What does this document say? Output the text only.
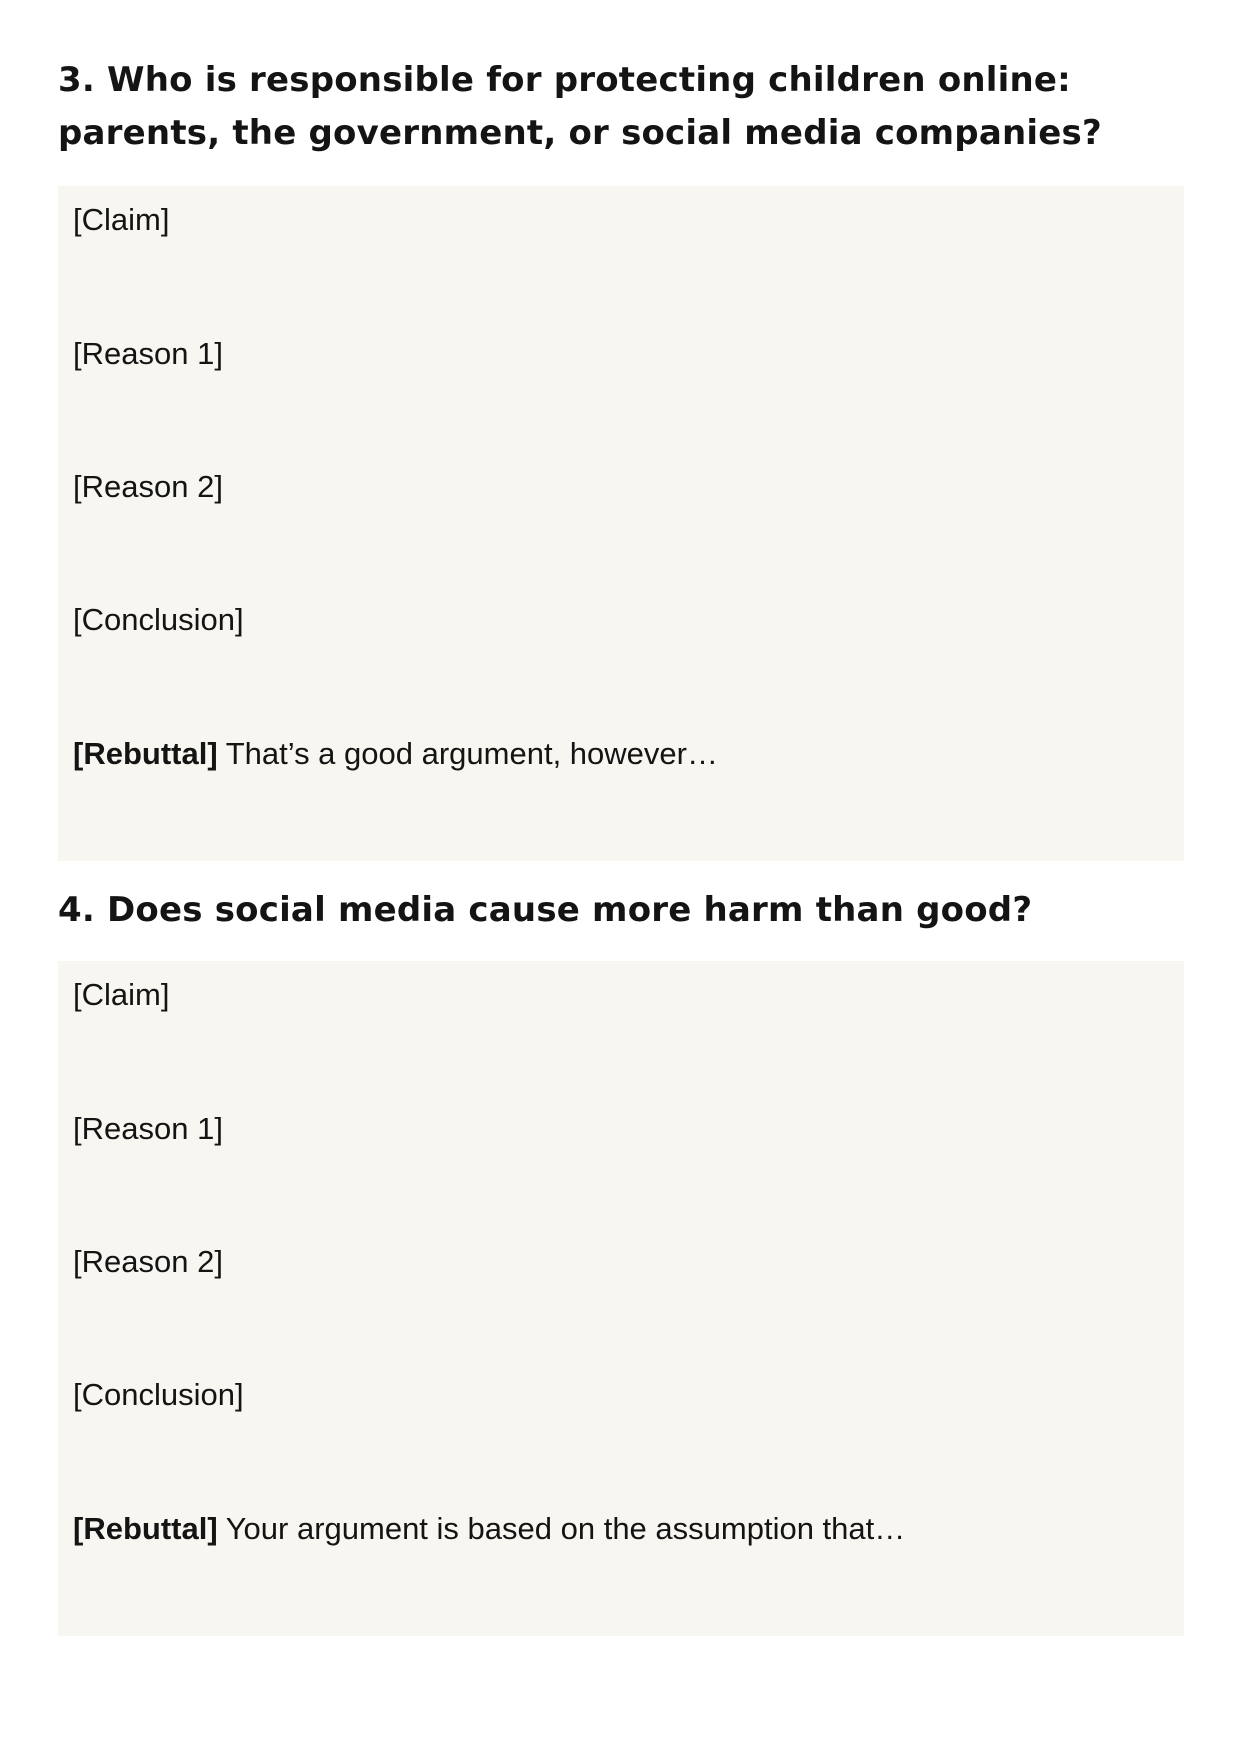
3. Who is responsible for protecting children online: parents, the government, or social media companies?
[Claim]
[Reason 1]
[Reason 2]
[Conclusion]
[Rebuttal] That’s a good argument, however…
4. Does social media cause more harm than good?
[Claim]
[Reason 1]
[Reason 2]
[Conclusion]
[Rebuttal] Your argument is based on the assumption that…
